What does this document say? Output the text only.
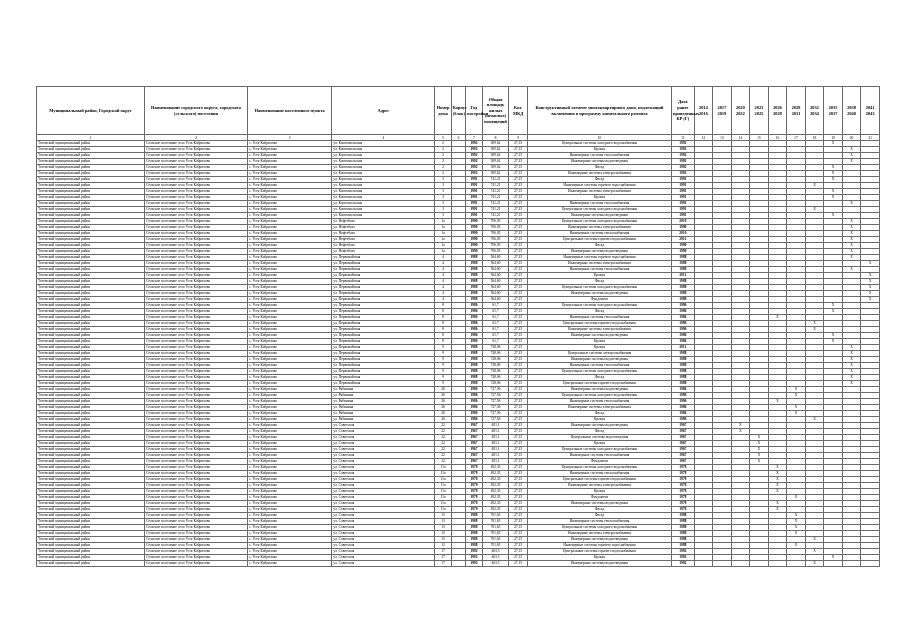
Муниципальный район, Городской округ	Наименование городского округа, городского (сельского) поселения	Наименование населенного пункта	Адрес	Номер дома	Корпус (блок)	Год постройки	Общая площадь жилых (нежилых) помещений	Кол. МКД	Конструктивный элемент многоквартирного дома, подлежащий включению в программу капитального ремонта	Дата ранее проведенных КР (Г)	2014 2016	2017 2019	2020 2022	2023 2025	2026 2028	2029 2031	2032 2034	2035 2037	2038 2040	2041 2043
1	2	3	4	5	6	7	8	9	10	11	12	13	14	15	16	17	18	19	20	21
Тотемский муниципальный район	Сельское поселение село Усть-Кабрилово	с. Усть-Кабрилово	ул. Комсомольская	2		1992	309,62	27,15	Центральные системы холодного водоснабжения	1992								X		
Тотемский муниципальный район	Сельское поселение село Усть-Кабрилово	с. Усть-Кабрилово	ул. Комсомольская	2		1992	309,62	27,15	Кровля	1992									X	
Тотемский муниципальный район	Сельское поселение село Усть-Кабрилово	с. Усть-Кабрилово	ул. Комсомольская	2		1992	309,62	27,15	Инженерные системы теплоснабжения	1992									X	
Тотемский муниципальный район	Сельское поселение село Усть-Кабрилово	с. Усть-Кабрилово	ул. Комсомольская	2		1992	309,62	27,15	Инженерные системы водоотведения	1992									X	
Тотемский муниципальный район	Сельское поселение село Усть-Кабрилово	с. Усть-Кабрилово	ул. Комсомольская	2		1992	309,62	27,15	Фасад	1992								X		
Тотемский муниципальный район	Сельское поселение село Усть-Кабрилово	с. Усть-Кабрилово	ул. Комсомольская	2		1992	309,62	27,15	Инженерные системы электроснабжения	1992								X		
Тотемский муниципальный район	Сельское поселение село Усть-Кабрилово	с. Усть-Кабрилово	ул. Комсомольская	3		1991	741,21	27,15	Фасад	1991								X		
Тотемский муниципальный район	Сельское поселение село Усть-Кабрилово	с. Усть-Кабрилово	ул. Комсомольская	3		1991	741,21	27,15	Инженерные системы горячего водоснабжения	1991							X			
Тотемский муниципальный район	Сельское поселение село Усть-Кабрилово	с. Усть-Кабрилово	ул. Комсомольская	3		1991	741,21	27,15	Инженерные системы электроснабжения	1991								X		
Тотемский муниципальный район	Сельское поселение село Усть-Кабрилово	с. Усть-Кабрилово	ул. Комсомольская	3		1991	741,21	27,15	Кровля	1991								X		
Тотемский муниципальный район	Сельское поселение село Усть-Кабрилово	с. Усть-Кабрилово	ул. Комсомольская	3		1991	741,21	27,15	Инженерные системы теплоснабжения	1991									X	
Тотемский муниципальный район	Сельское поселение село Усть-Кабрилово	с. Усть-Кабрилово	ул. Комсомольская	3		1991	741,21	27,15	Центральные системы холодного водоснабжения	1991							X			
Тотемский муниципальный район	Сельское поселение село Усть-Кабрилово	с. Усть-Кабрилово	ул. Комсомольская	3		1991	741,21	27,15	Инженерные системы водоотведения	1991								X		
Тотемский муниципальный район	Сельское поселение село Усть-Кабрилово	с. Усть-Кабрилово	ул. Нефтебаза	1а		1990	706,05	27,15	Центральные системы холодного водоснабжения	2010									X	
Тотемский муниципальный район	Сельское поселение село Усть-Кабрилово	с. Усть-Кабрилово	ул. Нефтебаза	1а		1990	706,05	27,15	Инженерные системы электроснабжения	1990									X	
Тотемский муниципальный район	Сельское поселение село Усть-Кабрилово	с. Усть-Кабрилово	ул. Нефтебаза	1а		1990	706,05	27,15	Инженерные системы теплоснабжения	2010									X	
Тотемский муниципальный район	Сельское поселение село Усть-Кабрилово	с. Усть-Кабрилово	ул. Нефтебаза	1а		1990	706,05	27,15	Центральные системы горячего водоснабжения	2012									X	
Тотемский муниципальный район	Сельское поселение село Усть-Кабрилово	с. Усть-Кабрилово	ул. Нефтебаза	1а		1990	706,05	27,15	Фасад	1990									X	
Тотемский муниципальный район	Сельское поселение село Усть-Кабрилово	с. Усть-Кабрилово	ул. Нефтебаза	1а		1990	706,05	27,15	Инженерные системы водоотведения	1990									X	
Тотемский муниципальный район	Сельское поселение село Усть-Кабрилово	с. Усть-Кабрилово	ул. Первомайская	4		1988	564,60	27,15	Инженерные системы горячего водоснабжения	1988									X	
Тотемский муниципальный район	Сельское поселение село Усть-Кабрилово	с. Усть-Кабрилово	ул. Первомайская	4		1988	564,60	27,15	Инженерные системы электроснабжения	1988										X
Тотемский муниципальный район	Сельское поселение село Усть-Кабрилово	с. Усть-Кабрилово	ул. Первомайская	4		1988	564,60	27,15	Инженерные системы теплоснабжения	1988									X	
Тотемский муниципальный район	Сельское поселение село Усть-Кабрилово	с. Усть-Кабрилово	ул. Первомайская	4		1988	564,60	27,15	Кровля	2011										X
Тотемский муниципальный район	Сельское поселение село Усть-Кабрилово	с. Усть-Кабрилово	ул. Первомайская	4		1988	564,60	27,15	Фасад	1988										X
Тотемский муниципальный район	Сельское поселение село Усть-Кабрилово	с. Усть-Кабрилово	ул. Первомайская	4		1988	564,60	27,15	Центральные системы холодного водоснабжения	1988										X
Тотемский муниципальный район	Сельское поселение село Усть-Кабрилово	с. Усть-Кабрилово	ул. Первомайская	4		1988	564,60	27,15	Инженерные системы водоотведения	1988										X
Тотемский муниципальный район	Сельское поселение село Усть-Кабрилово	с. Усть-Кабрилово	ул. Первомайская	4		1988	564,60	27,15	Фундамент	1988										X
Тотемский муниципальный район	Сельское поселение село Усть-Кабрилово	с. Усть-Кабрилово	ул. Первомайская	8		1986	61,7	27,15	Центральные системы холодного водоснабжения	1986								X		
Тотемский муниципальный район	Сельское поселение село Усть-Кабрилово	с. Усть-Кабрилово	ул. Первомайская	8		1986	61,7	27,15	Фасад	1986								X		
Тотемский муниципальный район	Сельское поселение село Усть-Кабрилово	с. Усть-Кабрилово	ул. Первомайская	8		1986	61,7	27,15	Инженерные системы теплоснабжения	1986					X					
Тотемский муниципальный район	Сельское поселение село Усть-Кабрилово	с. Усть-Кабрилово	ул. Первомайская	8		1986	61,7	27,15	Центральные системы горячего водоснабжения	1986							X			
Тотемский муниципальный район	Сельское поселение село Усть-Кабрилово	с. Усть-Кабрилово	ул. Первомайская	8		1986	61,7	27,15	Инженерные системы электроснабжения	1986							X			
Тотемский муниципальный район	Сельское поселение село Усть-Кабрилово	с. Усть-Кабрилово	ул. Первомайская	8		1986	61,7	27,15	Инженерные системы водоотведения	1986								X		
Тотемский муниципальный район	Сельское поселение село Усть-Кабрилово	с. Усть-Кабрилово	ул. Первомайская	8		1986	61,7	27,15	Кровля	1986								X		
Тотемский муниципальный район	Сельское поселение село Усть-Кабрилово	с. Усть-Кабрилово	ул. Первомайская	9		1988	728,06	27,15	Кровля	2011									X	
Тотемский муниципальный район	Сельское поселение село Усть-Кабрилово	с. Усть-Кабрилово	ул. Первомайская	9		1988	728,06	27,15	Центральные системы электроснабжения	1988									X	
Тотемский муниципальный район	Сельское поселение село Усть-Кабрилово	с. Усть-Кабрилово	ул. Первомайская	9		1988	728,06	27,15	Инженерные системы водоотведения	1988									X	
Тотемский муниципальный район	Сельское поселение село Усть-Кабрилово	с. Усть-Кабрилово	ул. Первомайская	9		1988	728,06	27,15	Инженерные системы теплоснабжения	1988									X	
Тотемский муниципальный район	Сельское поселение село Усть-Кабрилово	с. Усть-Кабрилово	ул. Первомайская	9		1988	728,06	27,15	Центральные системы холодного водоснабжения	1988									X	
Тотемский муниципальный район	Сельское поселение село Усть-Кабрилово	с. Усть-Кабрилово	ул. Первомайская	9		1988	728,06	27,15	Фасад	1988									X	
Тотемский муниципальный район	Сельское поселение село Усть-Кабрилово	с. Усть-Кабрилово	ул. Первомайская	9		1988	728,06	27,15	Центральные системы горячего водоснабжения	1988									X	
Тотемский муниципальный район	Сельское поселение село Усть-Кабрилово	с. Усть-Кабрилово	ул. Рябинина	26		1986	727,56	27,15	Инженерные системы водоотведения	1986						X				
Тотемский муниципальный район	Сельское поселение село Усть-Кабрилово	с. Усть-Кабрилово	ул. Рябинина	26		1986	727,56	27,15	Центральные системы холодного водоснабжения	1986						X				
Тотемский муниципальный район	Сельское поселение село Усть-Кабрилово	с. Усть-Кабрилово	ул. Рябинина	26		1986	727,56	27,15	Инженерные системы теплоснабжения	1986					X					
Тотемский муниципальный район	Сельское поселение село Усть-Кабрилово	с. Усть-Кабрилово	ул. Рябинина	26		1986	727,56	27,15	Инженерные системы электроснабжения	1986						X				
Тотемский муниципальный район	Сельское поселение село Усть-Кабрилово	с. Усть-Кабрилово	ул. Рябинина	26		1986	727,56	27,15	Фасад	1986						X				
Тотемский муниципальный район	Сельское поселение село Усть-Кабрилово	с. Усть-Кабрилово	ул. Рябинина	26		1986	727,56	27,15	Кровля	1986							X			
Тотемский муниципальный район	Сельское поселение село Усть-Кабрилово	с. Усть-Кабрилово	ул. Советская	22		1967	481,1	27,15	Инженерные системы водоотведения	1967			X							
Тотемский муниципальный район	Сельское поселение село Усть-Кабрилово	с. Усть-Кабрилово	ул. Советская	22		1967	481,1	27,15	Фасад	1967			X							
Тотемский муниципальный район	Сельское поселение село Усть-Кабрилово	с. Усть-Кабрилово	ул. Советская	22		1967	481,1	27,15	Центральные системы водоотведения	1967				X						
Тотемский муниципальный район	Сельское поселение село Усть-Кабрилово	с. Усть-Кабрилово	ул. Советская	22		1967	481,1	27,15	Кровля	1967				X						
Тотемский муниципальный район	Сельское поселение село Усть-Кабрилово	с. Усть-Кабрилово	ул. Советская	22		1967	481,1	27,15	Центральные системы холодного водоснабжения	1967				X						
Тотемский муниципальный район	Сельское поселение село Усть-Кабрилово	с. Усть-Кабрилово	ул. Советская	22		1967	481,1	27,15	Инженерные системы теплоснабжения	1967				X						
Тотемский муниципальный район	Сельское поселение село Усть-Кабрилово	с. Усть-Кабрилово	ул. Советская	22		1967	481,1	27,15	Фундамент	1967				X						
Тотемский муниципальный район	Сельское поселение село Усть-Кабрилово	с. Усть-Кабрилово	ул. Советская	11а		1978	492,35	27,15	Центральные системы холодного водоснабжения	1978					X					
Тотемский муниципальный район	Сельское поселение село Усть-Кабрилово	с. Усть-Кабрилово	ул. Советская	11а		1978	492,35	27,15	Инженерные системы теплоснабжения	1978					X					
Тотемский муниципальный район	Сельское поселение село Усть-Кабрилово	с. Усть-Кабрилово	ул. Советская	11а		1978	492,35	27,15	Центральные системы горячего водоснабжения	1978					X					
Тотемский муниципальный район	Сельское поселение село Усть-Кабрилово	с. Усть-Кабрилово	ул. Советская	11а		1978	492,35	27,15	Инженерные системы электроснабжения	1978					X					
Тотемский муниципальный район	Сельское поселение село Усть-Кабрилово	с. Усть-Кабрилово	ул. Советская	11а		1978	492,35	27,15	Кровля	1978					X					
Тотемский муниципальный район	Сельское поселение село Усть-Кабрилово	с. Усть-Кабрилово	ул. Советская	11а		1978	492,35	27,15	Фундамент	1978						X				
Тотемский муниципальный район	Сельское поселение село Усть-Кабрилово	с. Усть-Кабрилово	ул. Советская	11а		1978	492,35	27,15	Инженерные системы водоотведения	1978					X					
Тотемский муниципальный район	Сельское поселение село Усть-Кабрилово	с. Усть-Кабрилово	ул. Советская	11а		1978	492,35	27,15	Фасад	1978					X					
Тотемский муниципальный район	Сельское поселение село Усть-Кабрилово	с. Усть-Кабрилово	ул. Советская	13		1988	701,65	27,15	Фасад	1988						X				
Тотемский муниципальный район	Сельское поселение село Усть-Кабрилово	с. Усть-Кабрилово	ул. Советская	13		1988	701,65	27,15	Инженерные системы теплоснабжения	1988						X				
Тотемский муниципальный район	Сельское поселение село Усть-Кабрилово	с. Усть-Кабрилово	ул. Советская	13		1988	701,65	27,15	Центральные системы холодного водоснабжения	1988						X				
Тотемский муниципальный район	Сельское поселение село Усть-Кабрилово	с. Усть-Кабрилово	ул. Советская	13		1988	701,65	27,15	Инженерные системы электроснабжения	1988						X				
Тотемский муниципальный район	Сельское поселение село Усть-Кабрилово	с. Усть-Кабрилово	ул. Советская	13		1988	701,65	27,15	Инженерные системы водоотведения	1988							X			
Тотемский муниципальный район	Сельское поселение село Усть-Кабрилово	с. Усть-Кабрилово	ул. Советская	13		1988	701,65	27,15	Инженерные системы горячего водоснабжения	1988						X				
Тотемский муниципальный район	Сельское поселение село Усть-Кабрилово	с. Усть-Кабрилово	ул. Советская	17		1992	463,5	27,15	Центральные системы горячего водоснабжения	1992							X			
Тотемский муниципальный район	Сельское поселение село Усть-Кабрилово	с. Усть-Кабрилово	ул. Советская	17		1992	463,5	27,15	Кровля	1992								X		
Тотемский муниципальный район	Сельское поселение село Усть-Кабрилово	с. Усть-Кабрилово	ул. Советская	17		1992	463,5	27,15	Инженерные системы водоотведения	1992							X			
